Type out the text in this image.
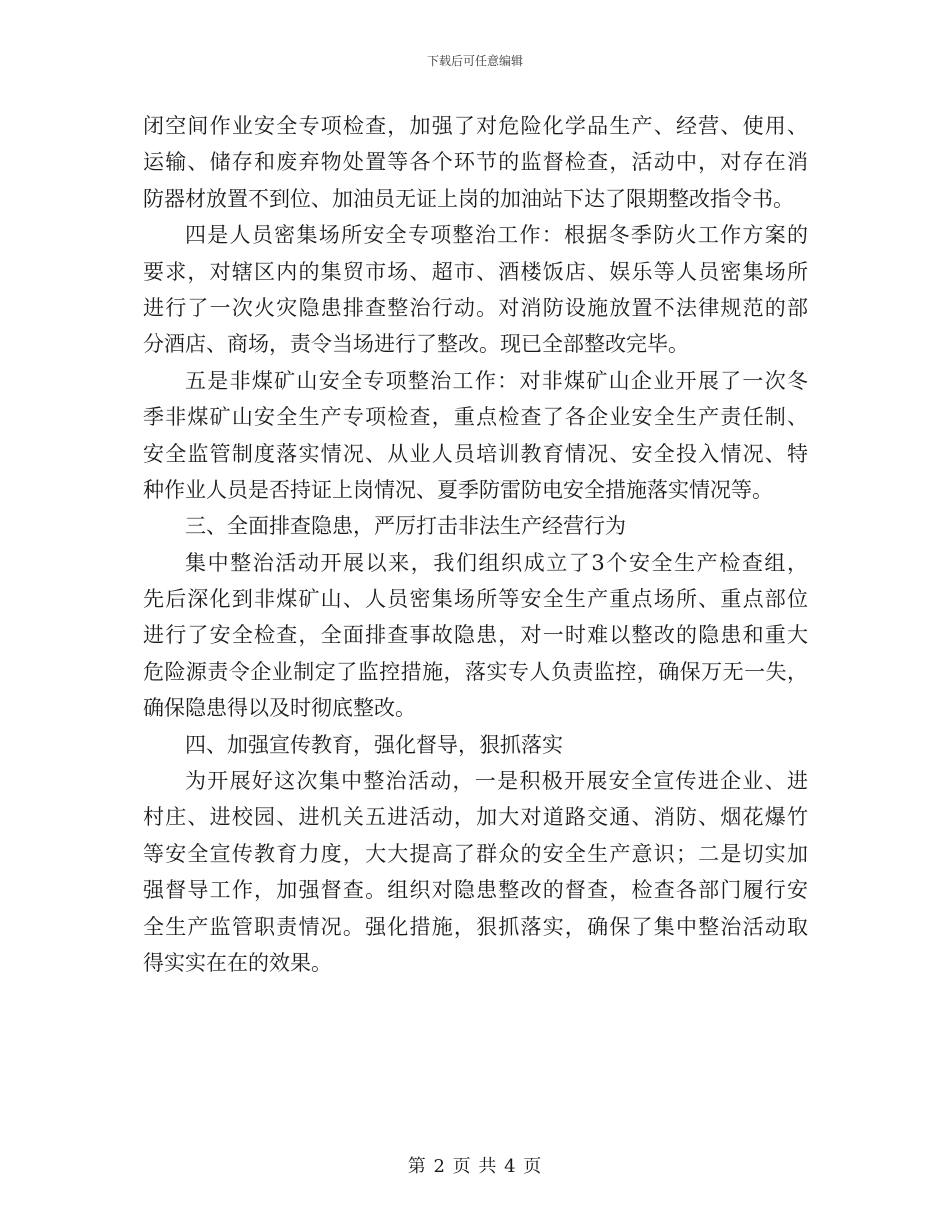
下载后可任意编辑
闭空间作业安全专项检查，加强了对危险化学品生产、经营、使用、
运输、储存和废弃物处置等各个环节的监督检查，活动中，对存在消
防器材放置不到位、加油员无证上岗的加油站下达了限期整改指令书。
四是人员密集场所安全专项整治工作：根据冬季防火工作方案的
要求，对辖区内的集贸市场、超市、酒楼饭店、娱乐等人员密集场所
进行了一次火灾隐患排查整治行动。对消防设施放置不法律规范的部
分酒店、商场，责令当场进行了整改。现已全部整改完毕。
五是非煤矿山安全专项整治工作：对非煤矿山企业开展了一次冬
季非煤矿山安全生产专项检查，重点检查了各企业安全生产责任制、
安全监管制度落实情况、从业人员培训教育情况、安全投入情况、特
种作业人员是否持证上岗情况、夏季防雷防电安全措施落实情况等。
三、全面排查隐患，严厉打击非法生产经营行为
集中整治活动开展以来，我们组织成立了3个安全生产检查组，
先后深化到非煤矿山、人员密集场所等安全生产重点场所、重点部位
进行了安全检查，全面排查事故隐患，对一时难以整改的隐患和重大
危险源责令企业制定了监控措施，落实专人负责监控，确保万无一失，
确保隐患得以及时彻底整改。
四、加强宣传教育，强化督导，狠抓落实
为开展好这次集中整治活动，一是积极开展安全宣传进企业、进
村庄、进校园、进机关五进活动，加大对道路交通、消防、烟花爆竹
等安全宣传教育力度，大大提高了群众的安全生产意识；二是切实加
强督导工作，加强督查。组织对隐患整改的督查，检查各部门履行安
全生产监管职责情况。强化措施，狠抓落实，确保了集中整治活动取
得实实在在的效果。
第 2 页 共 4 页
